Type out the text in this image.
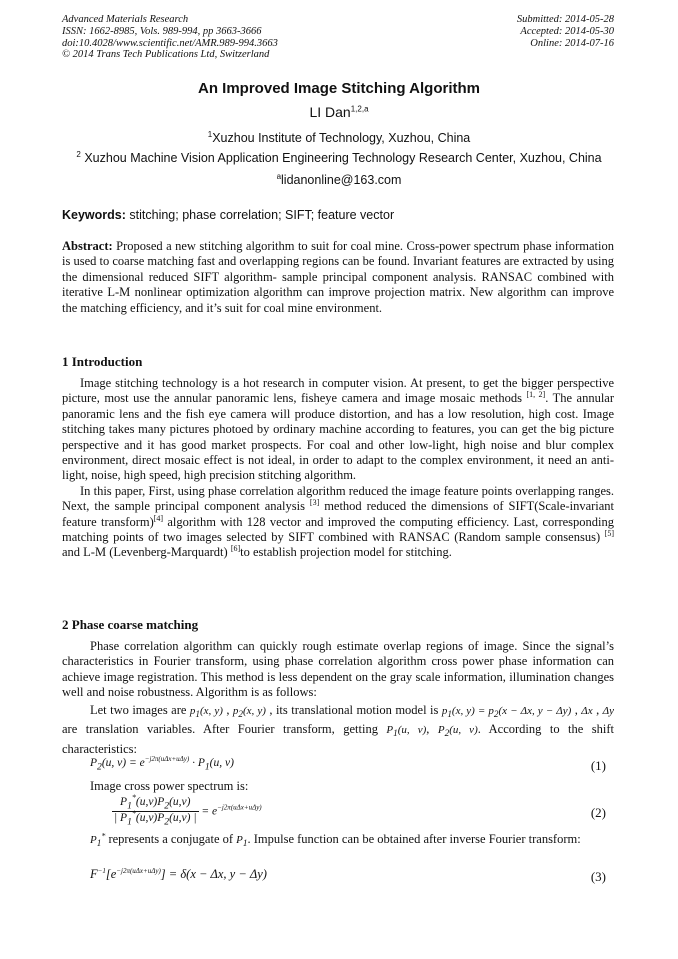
Advanced Materials Research
ISSN: 1662-8985, Vols. 989-994, pp 3663-3666
doi:10.4028/www.scientific.net/AMR.989-994.3663
© 2014 Trans Tech Publications Ltd, Switzerland
Submitted: 2014-05-28
Accepted: 2014-05-30
Online: 2014-07-16
An Improved Image Stitching Algorithm
LI Dan$^{1,2,a}$
$^1$Xuzhou Institute of Technology, Xuzhou, China
$^2$ Xuzhou Machine Vision Application Engineering Technology Research Center, Xuzhou, China
$^a$lidanonline@163.com
Keywords: stitching; phase correlation; SIFT; feature vector

Abstract: Proposed a new stitching algorithm to suit for coal mine. Cross-power spectrum phase information is used to coarse matching fast and overlapping regions can be found. Invariant features are extracted by using the dimensional reduced SIFT algorithm- sample principal component analysis. RANSAC combined with iterative L-M nonlinear optimization algorithm can improve projection matrix. New algorithm can improve the matching efficiency, and it’s suit for coal mine environment.

1 Introduction

Image stitching technology is a hot research in computer vision. At present, to get the bigger perspective picture, most use the annular panoramic lens, fisheye camera and image mosaic methods [1, 2]. The annular panoramic lens and the fish eye camera will produce distortion, and has a low resolution, high cost. Image stitching takes many pictures photoed by ordinary machine according to features, you can get the big picture perspective and it has good market prospects. For coal and other low-light, high noise and blur complex environment, direct mosaic effect is not ideal, in order to adapt to the complex environment, it need an anti-light, noise, high speed, high precision stitching algorithm.

In this paper, First, using phase correlation algorithm reduced the image feature points overlapping ranges. Next, the sample principal component analysis [3] method reduced the dimensions of SIFT(Scale-invariant feature transform)[4] algorithm with 128 vector and improved the computing efficiency. Last, corresponding matching points of two images selected by SIFT combined with RANSAC (Random sample consensus) [5] and L-M (Levenberg-Marquardt) [6]to establish projection model for stitching.

2 Phase coarse matching

Phase correlation algorithm can quickly rough estimate overlap regions of image. Since the signal’s characteristics in Fourier transform, using phase correlation algorithm cross power phase information can achieve image registration. This method is less dependent on the gray scale information, illumination changes well and noise robustness. Algorithm is as follows:

Let two images are $p_1(x$, y) , $p_2(x$, y) , its translational motion model is $p_1(x$, $y) = p_2(x - \Delta x$, y − Δy) , Δx , Δy are translation variables. After Fourier transform, getting $P_1(u$, v), $P_2(u$, v). According to the shift characteristics:

$P_2(u$, $v) = e^{-j2\pi(u\Delta x+u\Delta y)} \cdot P_1(u$, v)	(1)
Image cross power spectrum is:
$\frac{P_1^*(u,v)P_2(u,v)}{| P_1^*(u,v)P_2(u,v) |} = e^{-j2\pi(u\Delta x+u\Delta y)}$	(2)

$P_1^*$ represents a conjugate of $P_1$. Impulse function can be obtained after inverse Fourier transform:

$F^{-1}[e^{-j2\pi(u\Delta x+u\Delta y)}] = \delta(x - \Delta x$, y − Δy)	(3)
